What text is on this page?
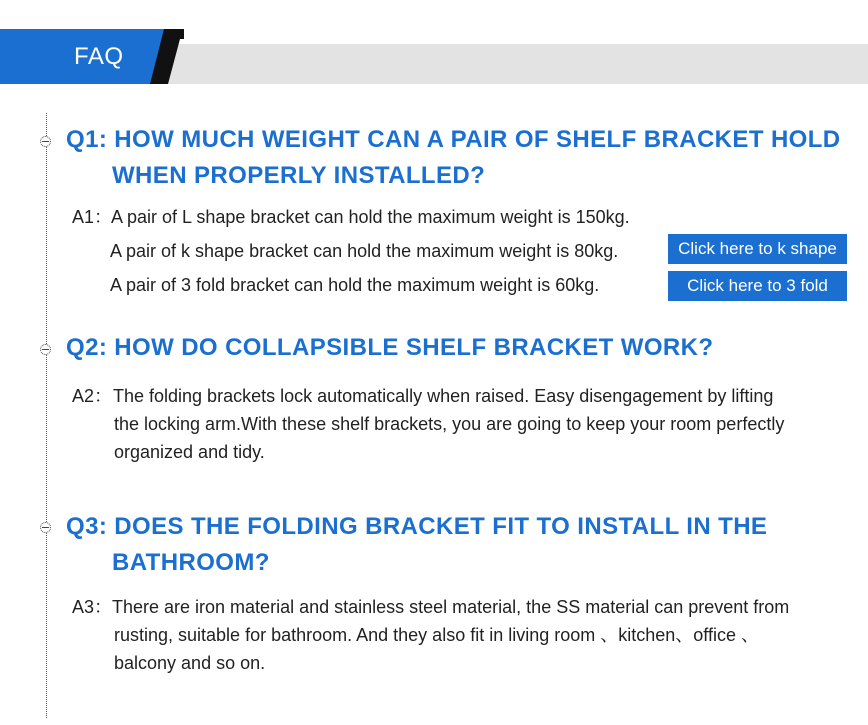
FAQ
Q1: HOW MUCH WEIGHT CAN A PAIR OF SHELF BRACKET HOLD
WHEN PROPERLY INSTALLED?
A1：
A pair of L shape bracket can hold the maximum weight is 150kg.
A pair of k shape bracket can hold the maximum weight is 80kg.
A pair of 3 fold bracket can hold the maximum weight is 60kg.
Click here to k shape
Click here to 3 fold
Q2: HOW DO COLLAPSIBLE SHELF BRACKET WORK?
A2： The folding brackets lock automatically when raised. Easy disengagement by lifting
the locking arm.With these shelf brackets, you are going to keep your room perfectly
organized and tidy.
Q3: DOES THE FOLDING BRACKET FIT TO INSTALL IN THE
BATHROOM?
A3： There are iron material and stainless steel material, the SS material can prevent from
rusting, suitable for bathroom. And they also fit in living room 、kitchen、office 、
balcony and so on.
